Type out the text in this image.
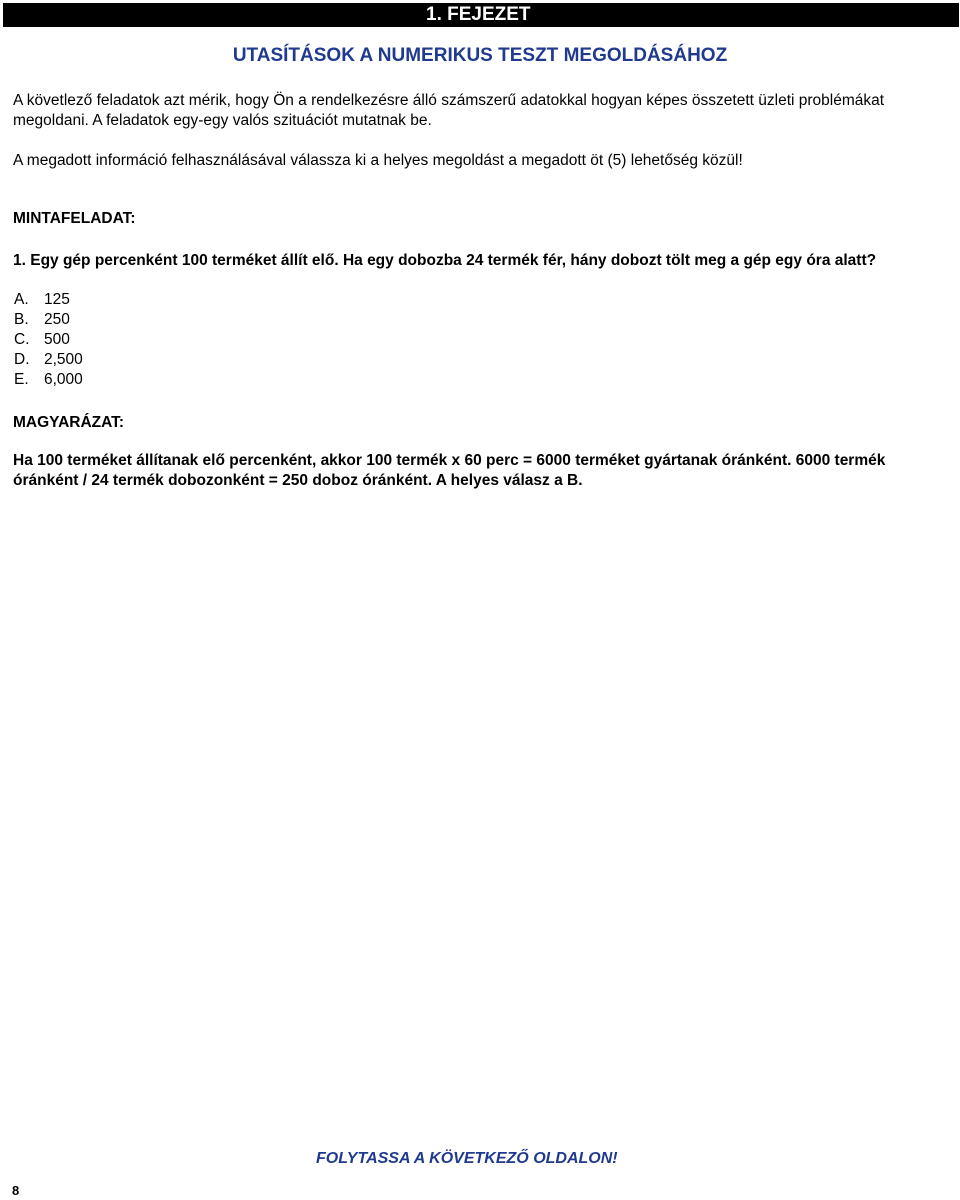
1. FEJEZET
UTASÍTÁSOK A NUMERIKUS TESZT MEGOLDÁSÁHOZ
A követlező feladatok azt mérik, hogy Ön a rendelkezésre álló számszerű adatokkal hogyan képes összetett üzleti problémákat megoldani. A feladatok egy-egy valós szituációt mutatnak be.
A megadott információ felhasználásával válassza ki a helyes megoldást a megadott öt (5) lehetőség közül!
MINTAFELADAT:
1. Egy gép percenként 100 terméket állít elő. Ha egy dobozba 24 termék fér, hány dobozt tölt meg a gép egy óra alatt?
A. 125
B. 250
C. 500
D. 2,500
E. 6,000
MAGYARÁZAT:
Ha 100 terméket állítanak elő percenként, akkor 100 termék x 60 perc = 6000 terméket gyártanak óránként. 6000 termék óránként / 24 termék dobozonként = 250 doboz óránként. A helyes válasz a B.
FOLYTASSA A KÖVETKEZŐ OLDALON!
8
